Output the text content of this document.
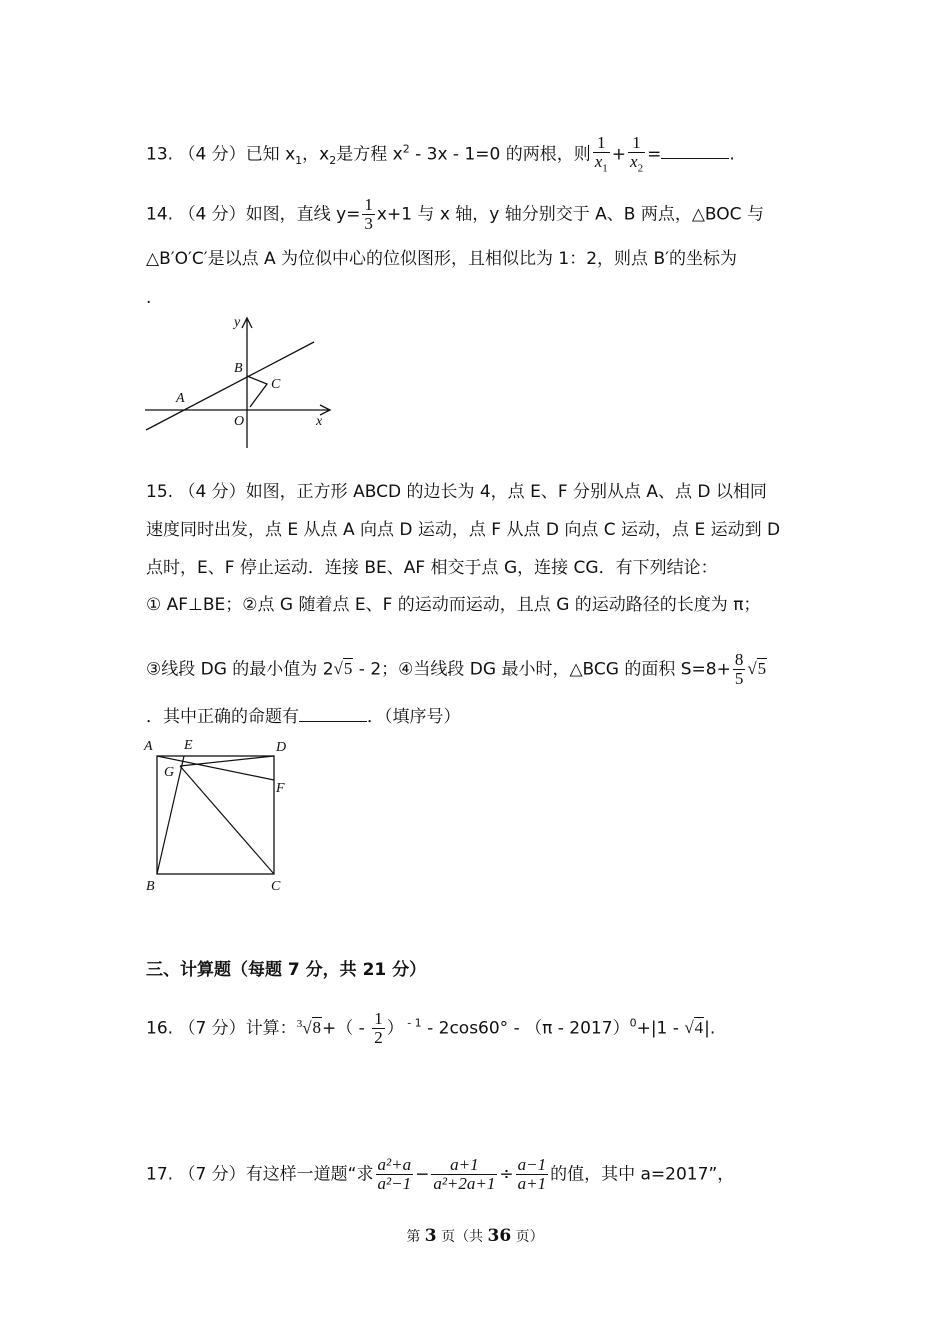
13. （4 分）已知 $x_1$，$x_2$是方程 $x^2 - 3x - 1=0$ 的两根，则 $\frac{1}{x_1} + \frac{1}{x_2}$ =	.
14. （4 分）如图，直线 $y= \frac{1}{3} x+1$ 与 x 轴，y 轴分别交于 A、B 两点，△BOC 与
△B′O′C′是以点 A 为位似中心的位似图形，且相似比为 1：2，则点 B′的坐标为
.
y
x
A
B
C
O
15. （4 分）如图，正方形 ABCD 的边长为 4，点 E、F 分别从点 A、点 D 以相同
速度同时出发，点 E 从点 A 向点 D 运动，点 F 从点 D 向点 C 运动，点 E 运动到 D
点时，E、F 停止运动．连接 BE、AF 相交于点 G，连接 CG．有下列结论：
① AF⊥BE；②点 G 随着点 E、F 的运动而运动，且点 G 的运动路径的长度为 π；
③线段 DG 的最小值为 2√5 - 2；④当线段 DG 最小时，△BCG 的面积 $S=8+ \frac{8}{5} √5$
．其中正确的命题有	．（填序号）
A E	D
G
F
B	C
三、计算题（每题 7 分，共 21 分）
16. （7 分）计算：$^3√8+( - \frac{1}{2}$ ） $^{- 1}$ - 2cos60° - （π - 2017）$^0$+|1 - √4|.
17. （7 分）有这样一道题“求 $\frac{\text{a²+a}}{\text{a²−1}} - \frac{a+1}{\text{a²+2a+1}} \div \frac{a-1}{a+1}$ 的值，其中 a=2017”，
第 3 页（共 36 页）
